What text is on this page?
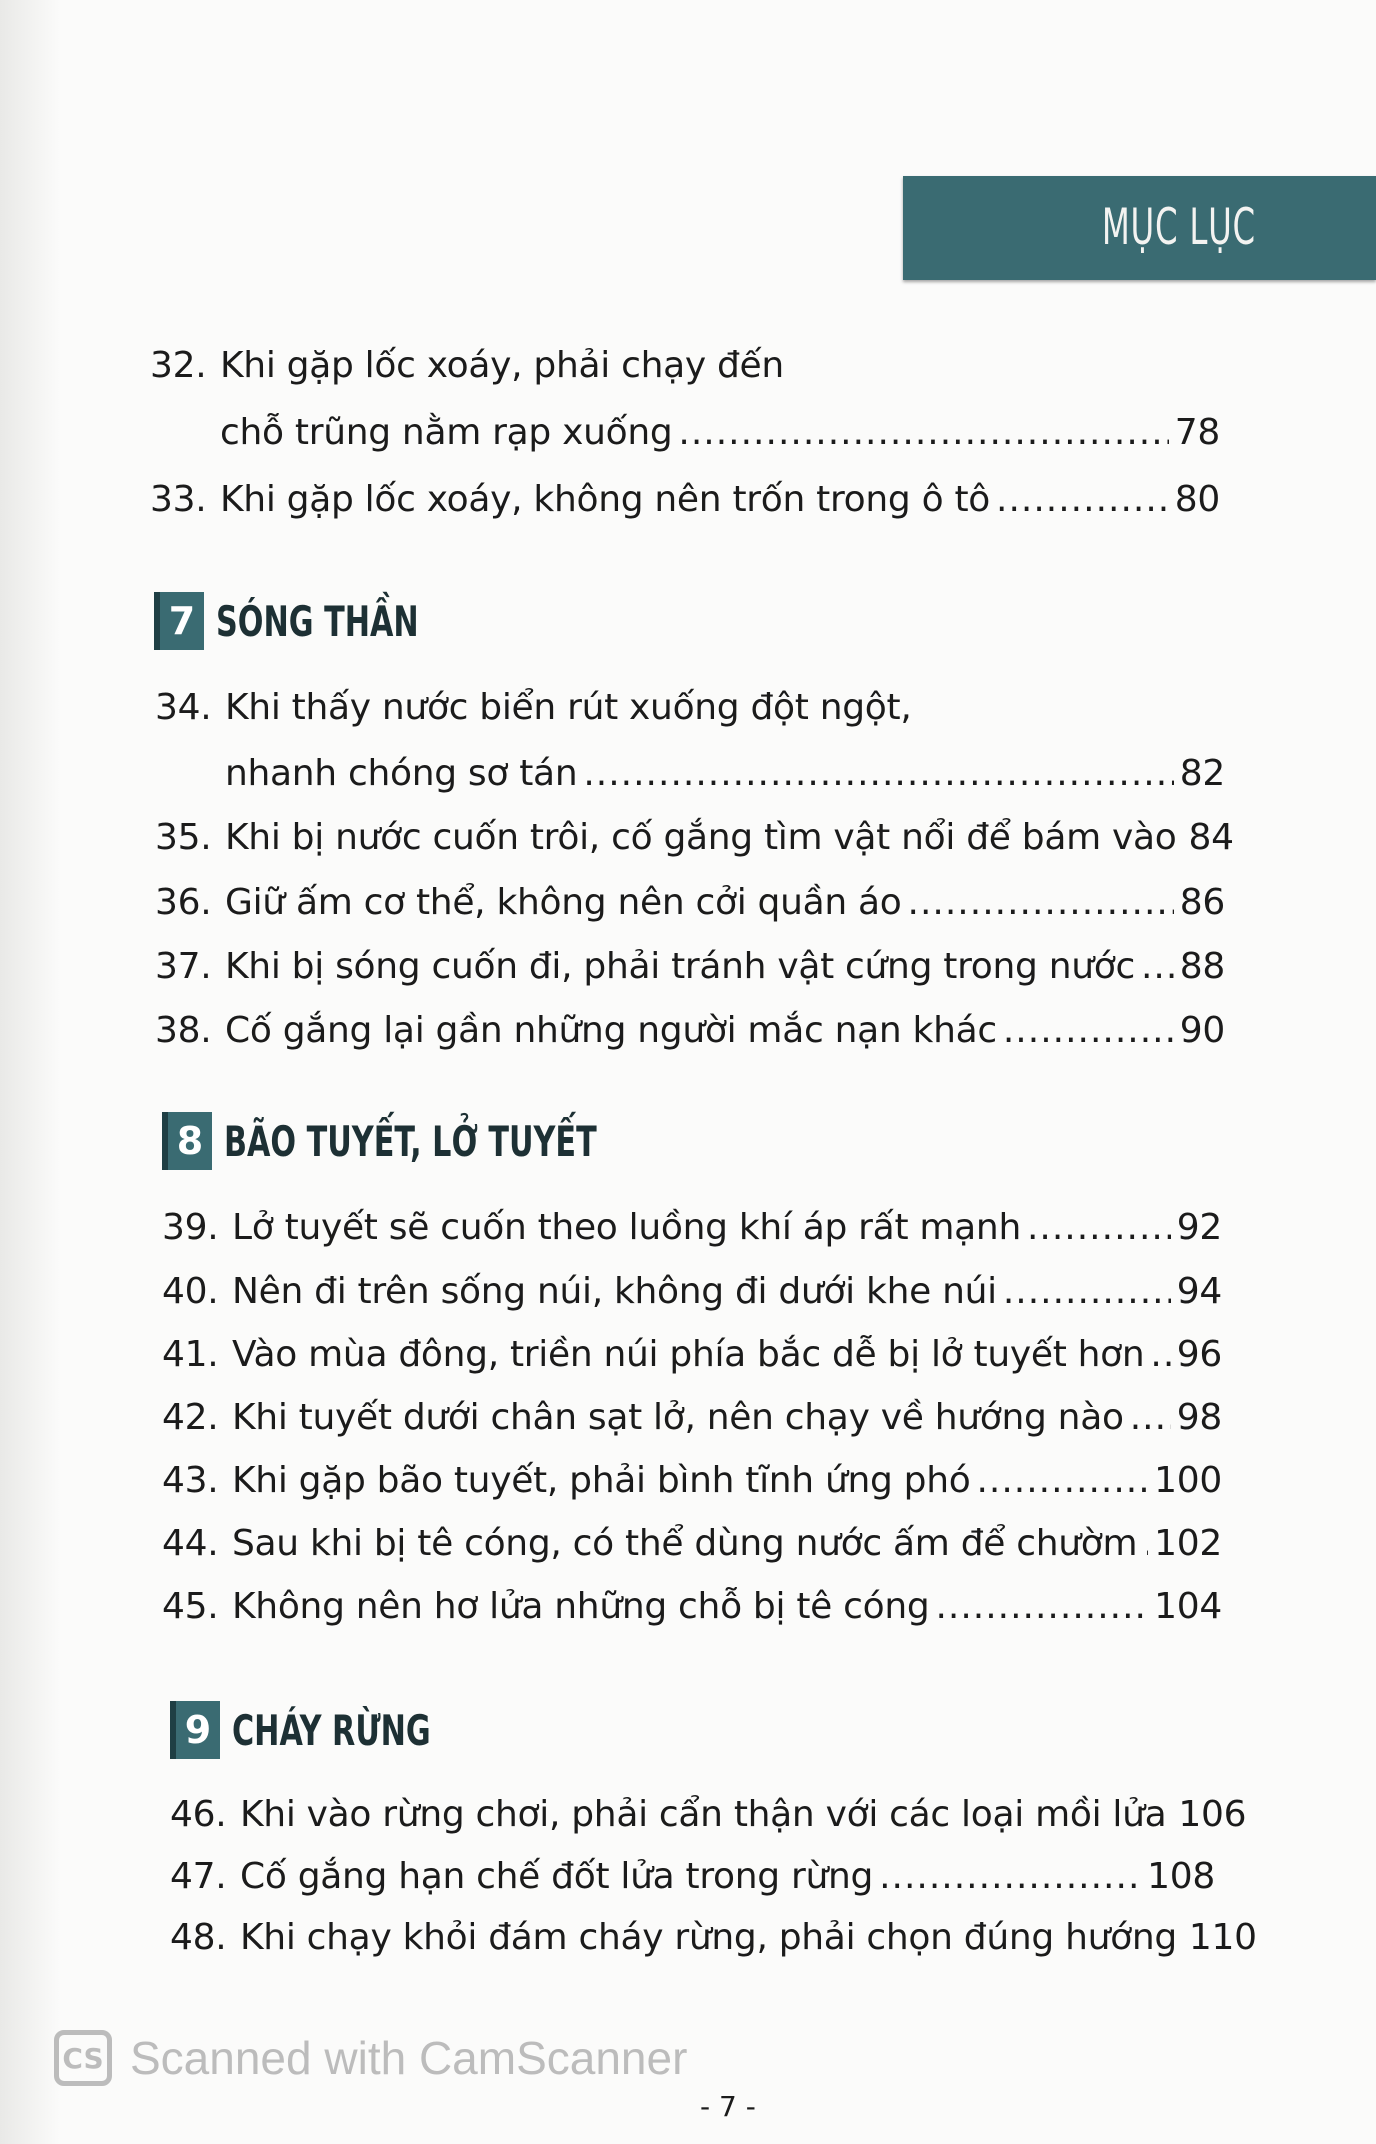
MỤC LỤC
32. Khi gặp lốc xoáy, phải chạy đến
chỗ trũng nằm rạp xuống .....	78
33. Khi gặp lốc xoáy, không nên trốn trong ô tô .....	80
7 SÓNG THẦN
34. Khi thấy nước biển rút xuống đột ngột,
nhanh chóng sơ tán .....	82
35. Khi bị nước cuốn trôi, cố gắng tìm vật nổi để bám vào 84
36. Giữ ấm cơ thể, không nên cởi quần áo .....	86
37. Khi bị sóng cuốn đi, phải tránh vật cứng trong nước ..... 88
38. Cố gắng lại gần những người mắc nạn khác .....	90
8 BÃO TUYẾT, LỞ TUYẾT
39. Lở tuyết sẽ cuốn theo luồng khí áp rất mạnh .....	92
40. Nên đi trên sống núi, không đi dưới khe núi .....	94
41. Vào mùa đông, triền núi phía bắc dễ bị lở tuyết hơn ..... 96
42. Khi tuyết dưới chân sạt lở, nên chạy về hướng nào ..... 98
43. Khi gặp bão tuyết, phải bình tĩnh ứng phó .....	100
44. Sau khi bị tê cóng, có thể dùng nước ấm để chườm ..... 102
45. Không nên hơ lửa những chỗ bị tê cóng .....	104
9 CHÁY RỪNG
46. Khi vào rừng chơi, phải cẩn thận với các loại mồi lửa 106
47. Cố gắng hạn chế đốt lửa trong rừng .....	108
48. Khi chạy khỏi đám cháy rừng, phải chọn đúng hướng 110
CS Scanned with CamScanner
- 7 -
